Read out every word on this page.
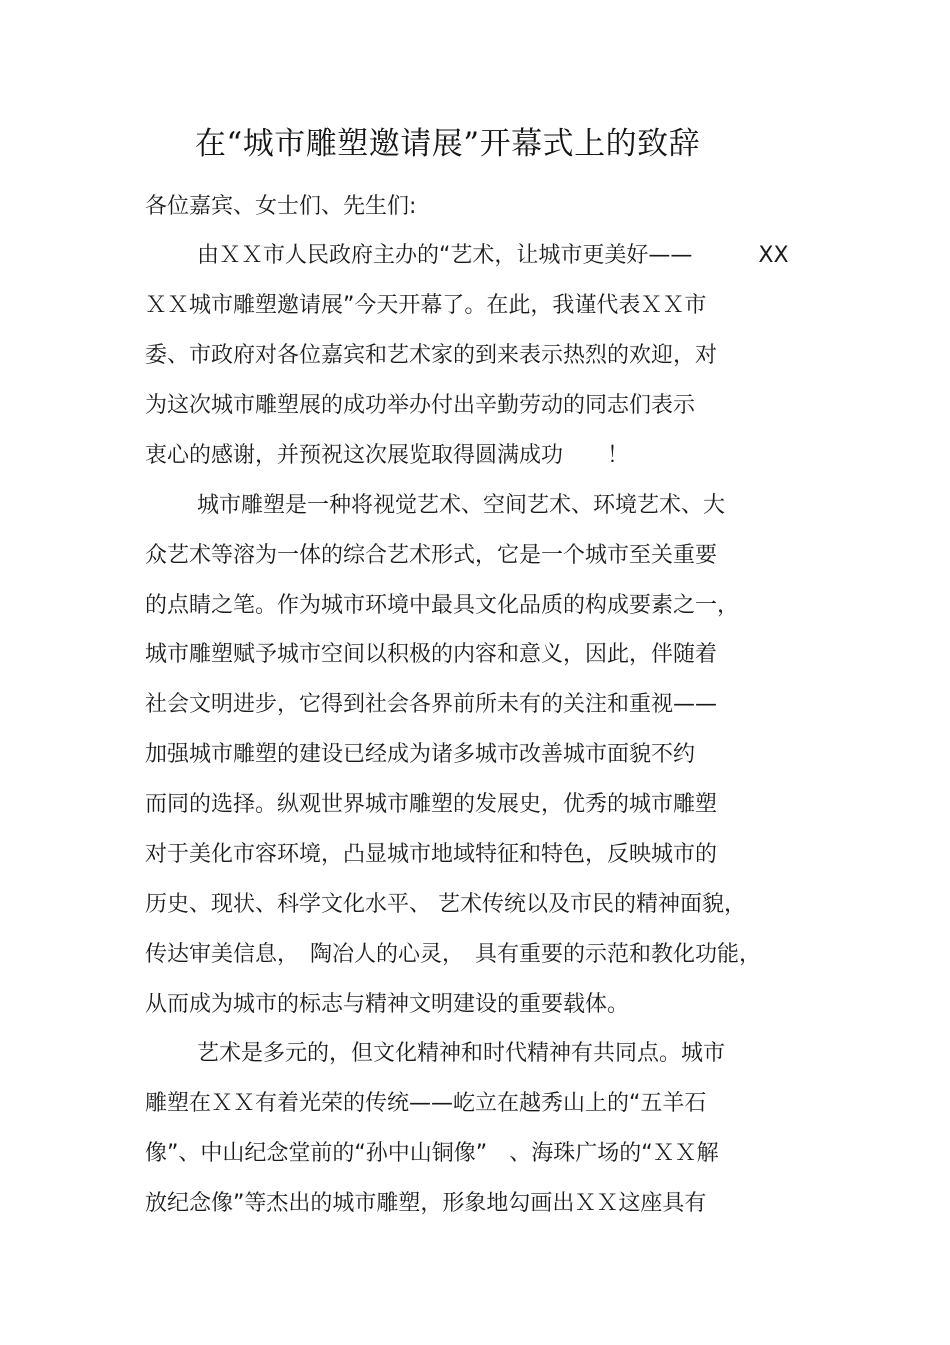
在“城市雕塑邀请展”开幕式上的致辞
各位嘉宾、女士们、先生们:
由ＸＸ市人民政府主办的“艺术，让城市更美好——　　　XX
ＸＸ城市雕塑邀请展”今天开幕了。在此，我谨代表ＸＸ市
委、市政府对各位嘉宾和艺术家的到来表示热烈的欢迎，对
为这次城市雕塑展的成功举办付出辛勤劳动的同志们表示
衷心的感谢，并预祝这次展览取得圆满成功　　！
城市雕塑是一种将视觉艺术、空间艺术、环境艺术、大
众艺术等溶为一体的综合艺术形式，它是一个城市至关重要
的点睛之笔。作为城市环境中最具文化品质的构成要素之一，
城市雕塑赋予城市空间以积极的内容和意义，因此，伴随着
社会文明进步，它得到社会各界前所未有的关注和重视——
加强城市雕塑的建设已经成为诸多城市改善城市面貌不约
而同的选择。纵观世界城市雕塑的发展史，优秀的城市雕塑
对于美化市容环境，凸显城市地域特征和特色，反映城市的
历史、现状、科学文化水平、 艺术传统以及市民的精神面貌，
传达审美信息，　陶冶人的心灵，　具有重要的示范和教化功能，
从而成为城市的标志与精神文明建设的重要载体。
艺术是多元的，但文化精神和时代精神有共同点。城市
雕塑在ＸＸ有着光荣的传统——屹立在越秀山上的“五羊石
像”、中山纪念堂前的“孙中山铜像”　、海珠广场的“ＸＸ解
放纪念像”等杰出的城市雕塑，形象地勾画出ＸＸ这座具有
